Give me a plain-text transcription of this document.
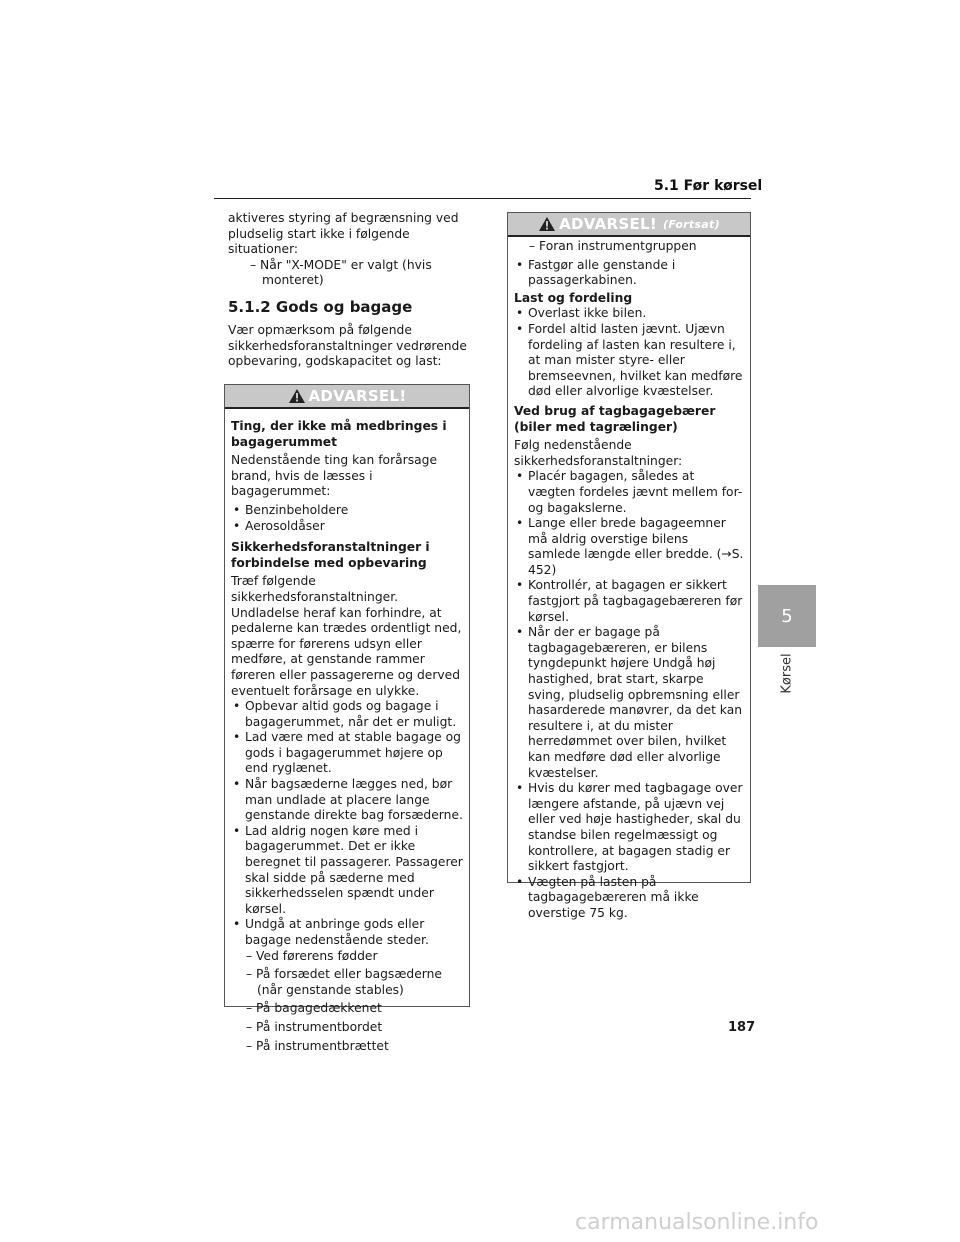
5.1 Før kørsel

aktiveres styring af begrænsning ved

pludselig start ikke i følgende

situationer:

– Når "X-MODE" er valgt (hvis monteret)

5.1.2 Gods og bagage
Vær opmærksom på følgende sikkerhedsforanstaltninger vedrørende opbevaring, godskapacitet og last:
ADVARSEL!
Ting, der ikke må medbringes i bagagerummet

Nedenstående ting kan forårsage brand, hvis de læsses i bagagerummet:

• Benzinbeholdere
• Aerosoldåser
Sikkerhedsforanstaltninger i forbindelse med opbevaring

Træf følgende sikkerhedsforanstaltninger. Undladelse heraf kan forhindre, at pedalerne kan trædes ordentligt ned, spærre for førerens udsyn eller medføre, at genstande rammer føreren eller passagererne og derved eventuelt forårsage en ulykke.

• Opbevar altid gods og bagage i bagagerummet, når det er muligt.
• Lad være med at stable bagage og gods i bagagerummet højere op end ryglænet.
• Når bagsæderne lægges ned, bør man undlade at placere lange genstande direkte bag forsæderne.
• Lad aldrig nogen køre med i bagagerummet. Det er ikke beregnet til passagerer. Passagerer skal sidde på sæderne med sikkerhedsselen spændt under kørsel.
• Undgå at anbringe gods eller bagage nedenstående steder.

– Ved førerens fødder

– På forsædet eller bagsæderne (når genstande stables)

– På bagagedækkenet

– På instrumentbordet

– På instrumentbrættet

ADVARSEL! (Fortsat)

– Foran instrumentgruppen

• Fastgør alle genstande i passagerkabinen.
Last og fordeling
• Overlast ikke bilen.
• Fordel altid lasten jævnt. Ujævn fordeling af lasten kan resultere i, at man mister styre- eller bremseevnen, hvilket kan medføre død eller alvorlige kvæstelser.
Ved brug af tagbagagebærer (biler med tagrælinger)

Følg nedenstående sikkerhedsforanstaltninger:

• Placér bagagen, således at vægten fordeles jævnt mellem for- og bagakslerne.
• Lange eller brede bagageemner må aldrig overstige bilens samlede længde eller bredde. (→S. 452)
• Kontrollér, at bagagen er sikkert fastgjort på tagbagagebæreren før kørsel.
• Når der er bagage på tagbagagebæreren, er bilens tyngdepunkt højere Undgå høj hastighed, brat start, skarpe sving, pludselig opbremsning eller hasarderede manøvrer, da det kan resultere i, at du mister herredømmet over bilen, hvilket kan medføre død eller alvorlige kvæstelser.
• Hvis du kører med tagbagage over længere afstande, på ujævn vej eller ved høje hastigheder, skal du standse bilen regelmæssigt og kontrollere, at bagagen stadig er sikkert fastgjort.
• Vægten på lasten på tagbagagebæreren må ikke overstige 75 kg.
5
Kørsel
187
carmanualsonline.info
